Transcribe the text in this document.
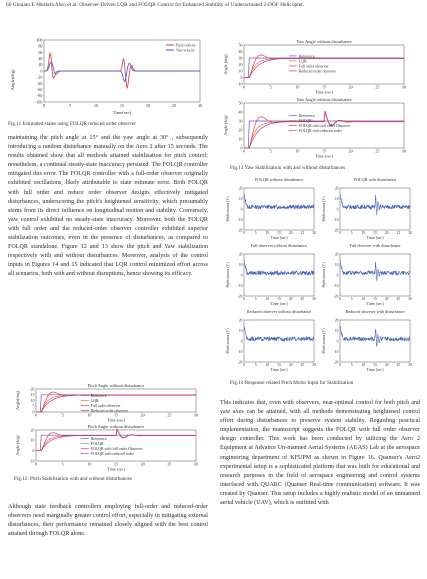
66 Ghulam E Mustafa Abro et al: Observer-Driven LQR and FOLQR Control for Enhanced Stability of Underactuated 2-DOF Helicopter.
Angle(deg)
100
80
60
40
20
0
-20
-40
-60
-80
-100
0	5	10	15	20	25	30
Time(sec)
Pitch velocity
Yaw velocity
Fig.11 Estimated states using FOLQR reduced order observer

maintaining the pitch angle at 15° and the yaw angle at 30° , subsequently introducing a random disturbance manually on the Aero 2 after 15 seconds. The results obtained show that all methods attained stabilisation for pitch control; nonetheless, a continual steady-state inaccuracy persisted. The FOLQR controller mitigated this error. The FOLQR controller with a full-order observer originally exhibited oscillations, likely attributable to state estimate error. Both FOLQR with full order and reduce order observer designs effectively mitigated disturbances, underscoring the pitch's heightened sensitivity, which presumably stems from its direct influence on longitudinal motion and stability. Conversely, yaw control exhibited no steady-state inaccuracy. Moreover, both the FOLQR with full order and the reduced-order observer controller exhibited superior stabilization outcomes, even in the presence of disturbances, as compared to FOLQR standalone. Figure 12 and 13 show the pitch and Yaw stabilization respectively with and without disturbances. Moreover, analysis of the control inputs in Figures 14 and 15 indicated that LQR control minimized effort across all scenarios, both with and without disruptions, hence showing its efficacy.

Pitch Angle without disturbance
20
15
10
5
0
0	5	10	15	20	25	30
Time (sec)
Angle(deg)	Reference
LQR
Full order observer
Reduced order observer
Pitch Angle without disturbance
20
10
0
-10
0	5	10	15	20	25	30
Time (sec)
Angle (deg)	Reference
FOLQR
FOLQR with full order Observer
FOLQR with reduced order
Fig.12. Pitch Stabilization with and without disturbances

Although state feedback controllers employing full-order and reduced-order observers need marginally greater control effort, especially in mitigating external disturbances, their performance remained closely aligned with the best control attained through FOLQR alone.

Yaw Angle without disturbance
50
40
30
20
10
0
-10
0	5	10	15	20	25	30
Time (sec)
Angle (deg)	Reference
LQR
Full order observer
Reduced order observer
Yaw Angle without disturbance
50
40
30
20
10
0
0	5	10	15	20	25	30
Time (sec)
Angle (deg)	Reference
FOLQR
FOLQR with full order Observer
FOLQR with reduced order
Fig.13 Yaw Stabilization with and without disturbances
FOLQR without disturbance
20
10
0
-10
-20
0	5 10 15 20 25 30
Time (sec)
Pitch motor (V)
FOLQR with disturbance
20
10
0
-10
-20
0	5 10 15 20 25 30
Time (sec)
Pitch motor (V)
Full observer without disturbance
20
10
0
-10
-20
0	5 10 15 20 25 30
Time (sec)
Pitch motor (V)
Full observer with disturbance
20
10
0
-10
-20
0	5 10 15 20 25 30
Time (sec)
Pitch motor (V)
Reduced observer without disturbance
20
10
0
-10
-20
0	5 10 15 20 25 30
Time (sec)
Pitch motor (V)
Reduced observer with disturbance
20
10
0
-10
-20
0	5 10 15 20 25 30
Time (sec)
Pitch motor (V)
Fig.14 Response related Pitch Motor Input for Stabilization

This indicates that, even with observers, near-optimal control for both pitch and yaw axes can be attained, with all methods demonstrating heightened control effort during disturbances to preserve system stability. Regarding practical implementation, the manuscript suggests the FOLQR with full order observer design controller. This work has been conducted by utilizing the Aero 2 Equipment at Advance Un-manned Aerial Systems (AUAS) Lab at the aerospace engineering department of KFUPM as shown in Figure 16. Quanser's Aero2 experimental setup is a sophisticated platform that was built for educational and research purposes in the field of aerospace engineering and control systems interfaced with QUARC (Quanser Real-time communication) software. It was created by Quanser. This setup includes a highly realistic model of an unmanned aerial vehicle (UAV), which is outfitted with
